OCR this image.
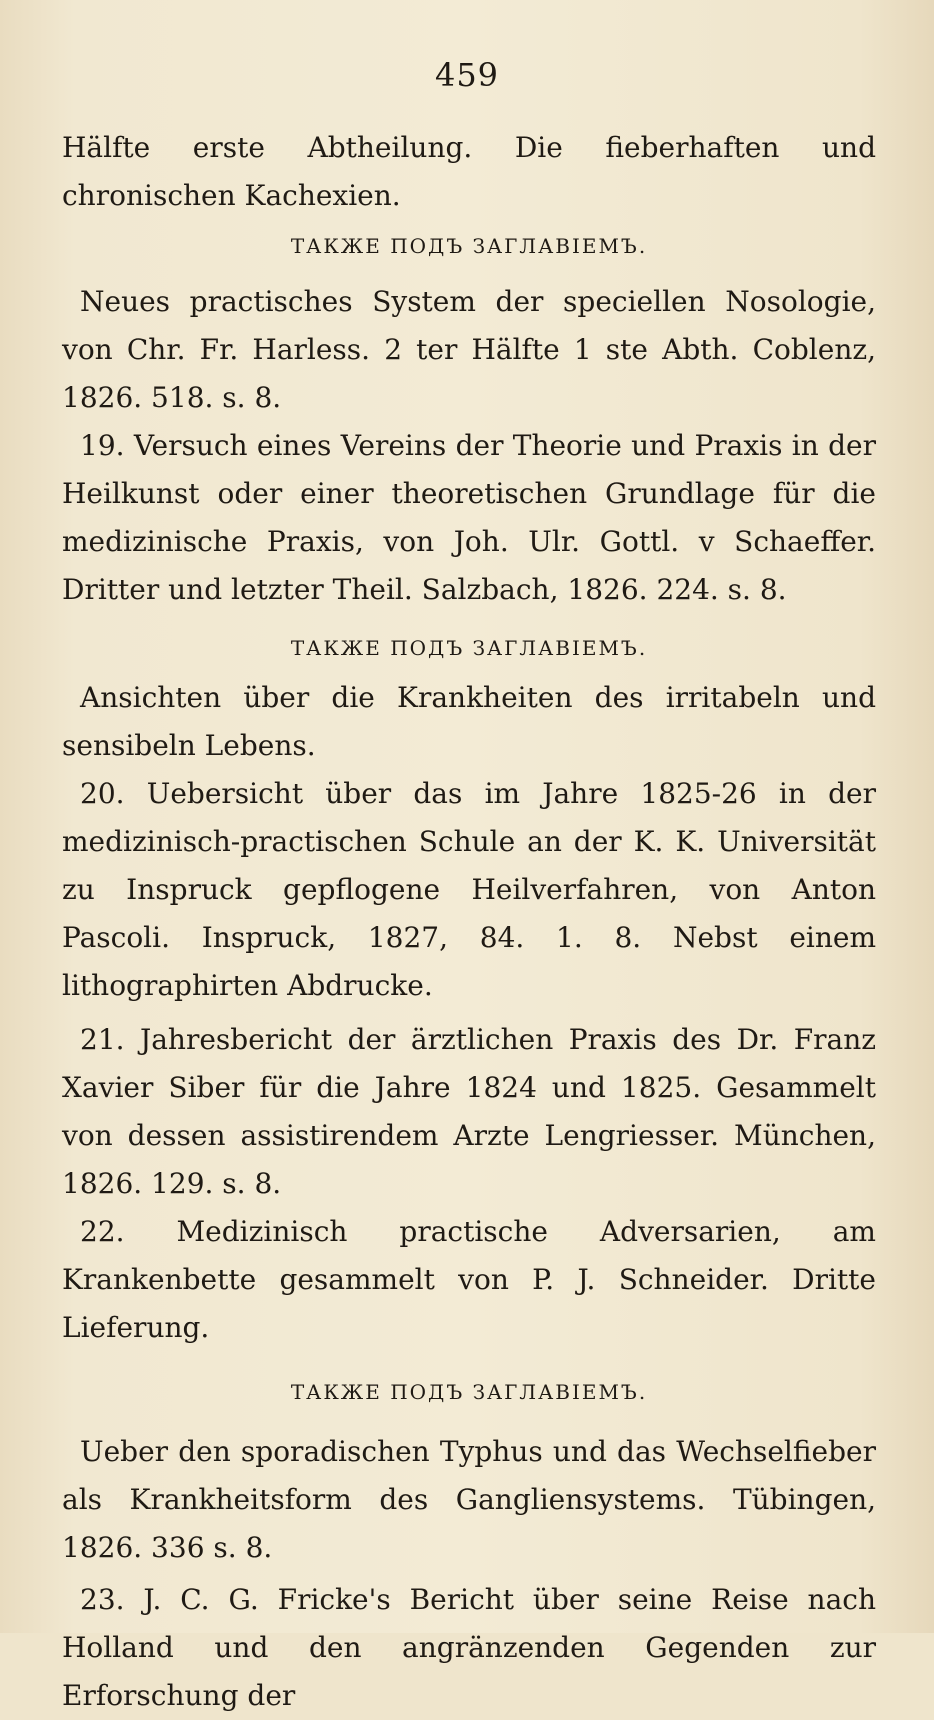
459

Hälfte erste Abtheilung. Die fieberhaften und chronischen Kachexien.

ТАКЖЕ ПОДЪ ЗАГЛАВІЕМЪ.

Neues practisches System der speciellen Nosologie, von Chr. Fr. Harless. 2 ter Hälfte 1 ste Abth. Coblenz, 1826. 518. s. 8.

19. Versuch eines Vereins der Theorie und Praxis in der Heilkunst oder einer theoretischen Grundlage für die medizinische Praxis, von Joh. Ulr. Gottl. v Schaeffer. Dritter und letzter Theil. Salzbach, 1826. 224. s. 8.

ТАКЖЕ ПОДЪ ЗАГЛАВІЕМЪ.

Ansichten über die Krankheiten des irritabeln und sensibeln Lebens.

20. Uebersicht über das im Jahre 1825-26 in der medizinisch-practischen Schule an der K. K. Universität zu Inspruck gepflogene Heilverfahren, von Anton Pascoli. Inspruck, 1827, 84. 1. 8. Nebst einem lithographirten Abdrucke.

21. Jahresbericht der ärztlichen Praxis des Dr. Franz Xavier Siber für die Jahre 1824 und 1825. Gesammelt von dessen assistirendem Arzte Lengriesser. München, 1826. 129. s. 8.

22. Medizinisch practische Adversarien, am Krankenbette gesammelt von P. J. Schneider. Dritte Lieferung.

ТАКЖЕ ПОДЪ ЗАГЛАВІЕМЪ.

Ueber den sporadischen Typhus und das Wechselfieber als Krankheitsform des Gangliensystems. Tübingen, 1826. 336 s. 8.

23. J. C. G. Fricke's Bericht über seine Reise nach Holland und den angränzenden Gegenden zur Erforschung der
